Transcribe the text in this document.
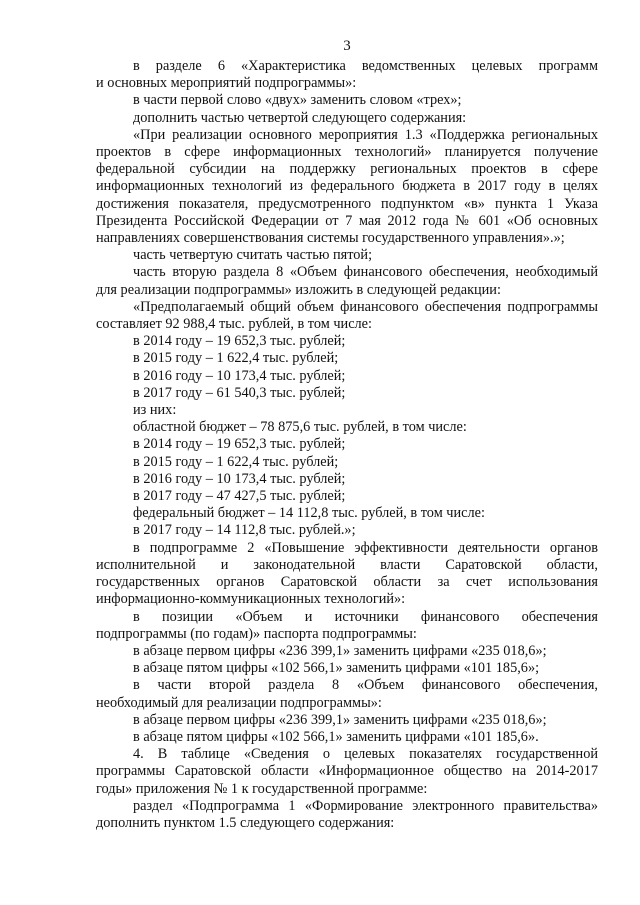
3

в разделе 6 «Характеристика ведомственных целевых программ

и основных мероприятий подпрограммы»:

в части первой слово «двух» заменить словом «трех»;

дополнить частью четвертой следующего содержания:

«При реализации основного мероприятия 1.3 «Поддержка региональных

проектов в сфере информационных технологий» планируется получение

федеральной субсидии на поддержку региональных проектов в сфере

информационных технологий из федерального бюджета в 2017 году в целях

достижения показателя, предусмотренного подпунктом «в» пункта 1 Указа

Президента Российской Федерации от 7 мая 2012 года № 601 «Об основных

направлениях совершенствования системы государственного управления».»;

часть четвертую считать частью пятой;

часть вторую раздела 8 «Объем финансового обеспечения, необходимый

для реализации подпрограммы» изложить в следующей редакции:

«Предполагаемый общий объем финансового обеспечения подпрограммы

составляет 92 988,4 тыс. рублей, в том числе:

в 2014 году – 19 652,3 тыс. рублей;

в 2015 году – 1 622,4 тыс. рублей;

в 2016 году – 10 173,4 тыс. рублей;

в 2017 году – 61 540,3 тыс. рублей;

из них:

областной бюджет – 78 875,6 тыс. рублей, в том числе:

в 2014 году – 19 652,3 тыс. рублей;

в 2015 году – 1 622,4 тыс. рублей;

в 2016 году – 10 173,4 тыс. рублей;

в 2017 году – 47 427,5 тыс. рублей;

федеральный бюджет – 14 112,8 тыс. рублей, в том числе:

в 2017 году – 14 112,8 тыс. рублей.»;

в подпрограмме 2 «Повышение эффективности деятельности органов

исполнительной и законодательной власти Саратовской области,

государственных органов Саратовской области за счет использования

информационно-коммуникационных технологий»:

в позиции «Объем и источники финансового обеспечения

подпрограммы (по годам)» паспорта подпрограммы:

в абзаце первом цифры «236 399,1» заменить цифрами «235 018,6»;

в абзаце пятом цифры «102 566,1» заменить цифрами «101 185,6»;

в части второй раздела 8 «Объем финансового обеспечения,

необходимый для реализации подпрограммы»:

в абзаце первом цифры «236 399,1» заменить цифрами «235 018,6»;

в абзаце пятом цифры «102 566,1» заменить цифрами «101 185,6».

4. В таблице «Сведения о целевых показателях государственной

программы Саратовской области «Информационное общество на 2014-2017

годы» приложения № 1 к государственной программе:

раздел «Подпрограмма 1 «Формирование электронного правительства»

дополнить пунктом 1.5 следующего содержания:
